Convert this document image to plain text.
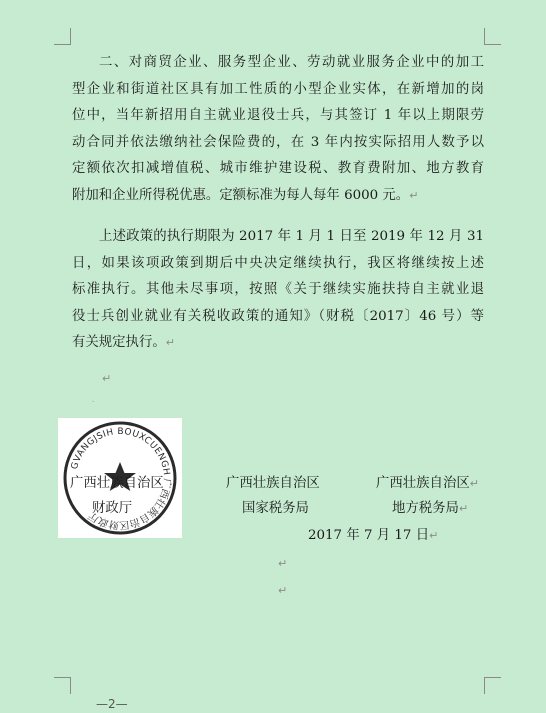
二、对商贸企业、服务型企业、劳动就业服务企业中的加工
型企业和街道社区具有加工性质的小型企业实体，在新增加的岗
位中，当年新招用自主就业退役士兵，与其签订 1 年以上期限劳
动合同并依法缴纳社会保险费的，在 3 年内按实际招用人数予以
定额依次扣减增值税、城市维护建设税、教育费附加、地方教育
附加和企业所得税优惠。定额标准为每人每年 6000 元。↵
上述政策的执行期限为 2017 年 1 月 1 日至 2019 年 12 月 31
日，如果该项政策到期后中央决定继续执行，我区将继续按上述
标准执行。其他未尽事项，按照《关于继续实施扶持自主就业退
役士兵创业就业有关税收政策的通知》（财税〔2017〕46 号）等
有关规定执行。↵
↵
·
GVANGJSIH BOUXCUENGH
广西壮族自治区财政厅
广西壮族自治区
财政厅
广西壮族自治区
国家税务局
广西壮族自治区↵
地方税务局↵
2017 年 7 月 17 日↵
↵
↵
—2—
